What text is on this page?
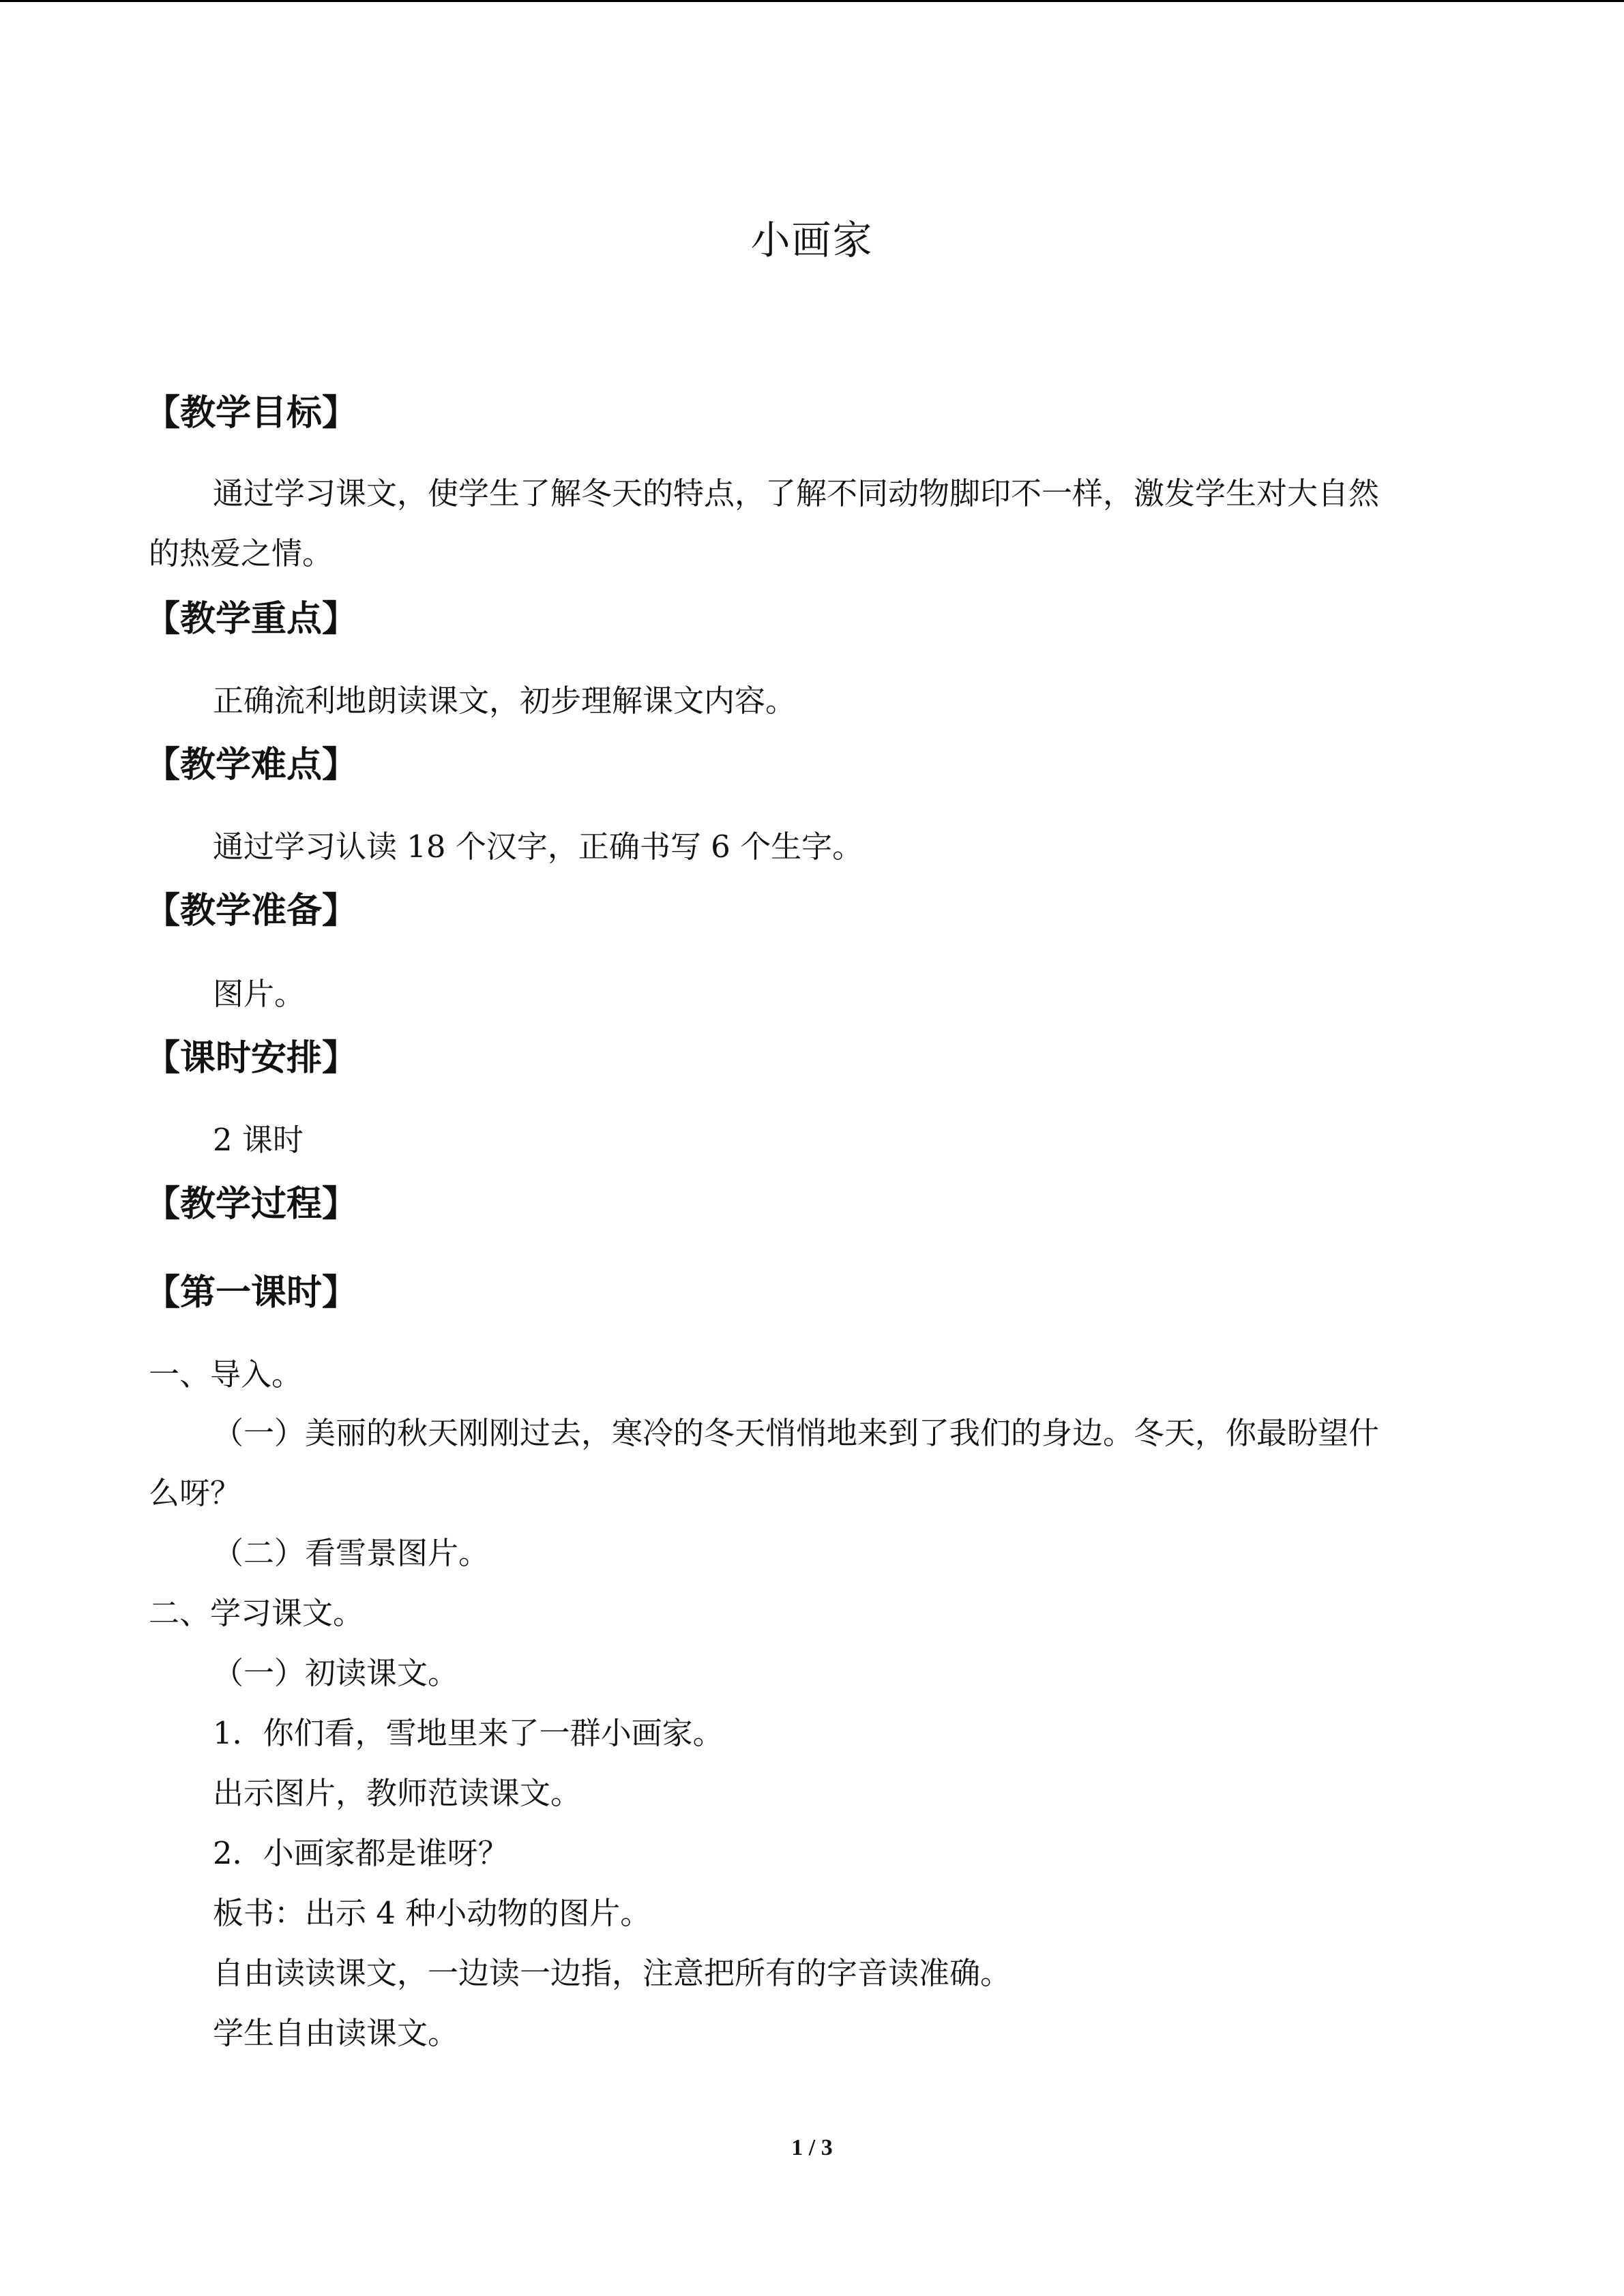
小画家
【教学目标】
通过学习课文，使学生了解冬天的特点，了解不同动物脚印不一样，激发学生对大自然
的热爱之情。
【教学重点】
正确流利地朗读课文，初步理解课文内容。
【教学难点】
通过学习认读 18 个汉字，正确书写 6 个生字。
【教学准备】
图片。
【课时安排】
2 课时
【教学过程】
【第一课时】
一、导入。
（一）美丽的秋天刚刚过去，寒冷的冬天悄悄地来到了我们的身边。冬天，你最盼望什
么呀？
（二）看雪景图片。
二、学习课文。
（一）初读课文。
1．你们看，雪地里来了一群小画家。
出示图片，教师范读课文。
2．小画家都是谁呀？
板书：出示 4 种小动物的图片。
自由读读课文，一边读一边指，注意把所有的字音读准确。
学生自由读课文。
1 / 3
